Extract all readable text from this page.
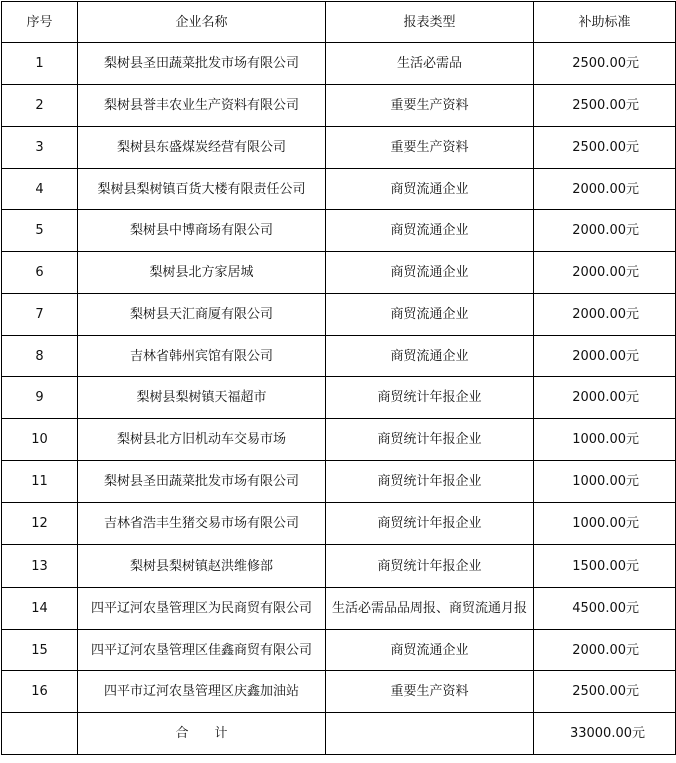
序号	企业名称	报表类型	补助标准
1	梨树县圣田蔬菜批发市场有限公司	生活必需品	2500.00元
2	梨树县誉丰农业生产资料有限公司	重要生产资料	2500.00元
3	梨树县东盛煤炭经营有限公司	重要生产资料	2500.00元
4	梨树县梨树镇百货大楼有限责任公司	商贸流通企业	2000.00元
5	梨树县中博商场有限公司	商贸流通企业	2000.00元
6	梨树县北方家居城	商贸流通企业	2000.00元
7	梨树县天汇商厦有限公司	商贸流通企业	2000.00元
8	吉林省韩州宾馆有限公司	商贸流通企业	2000.00元
9	梨树县梨树镇天福超市	商贸统计年报企业	2000.00元
10	梨树县北方旧机动车交易市场	商贸统计年报企业	1000.00元
11	梨树县圣田蔬菜批发市场有限公司	商贸统计年报企业	1000.00元
12	吉林省浩丰生猪交易市场有限公司	商贸统计年报企业	1000.00元
13	梨树县梨树镇赵洪维修部	商贸统计年报企业	1500.00元
14	四平辽河农垦管理区为民商贸有限公司	生活必需品品周报、商贸流通月报	4500.00元
15	四平辽河农垦管理区佳鑫商贸有限公司	商贸流通企业	2000.00元
16	四平市辽河农垦管理区庆鑫加油站	重要生产资料	2500.00元
	合　　计		33000.00元
